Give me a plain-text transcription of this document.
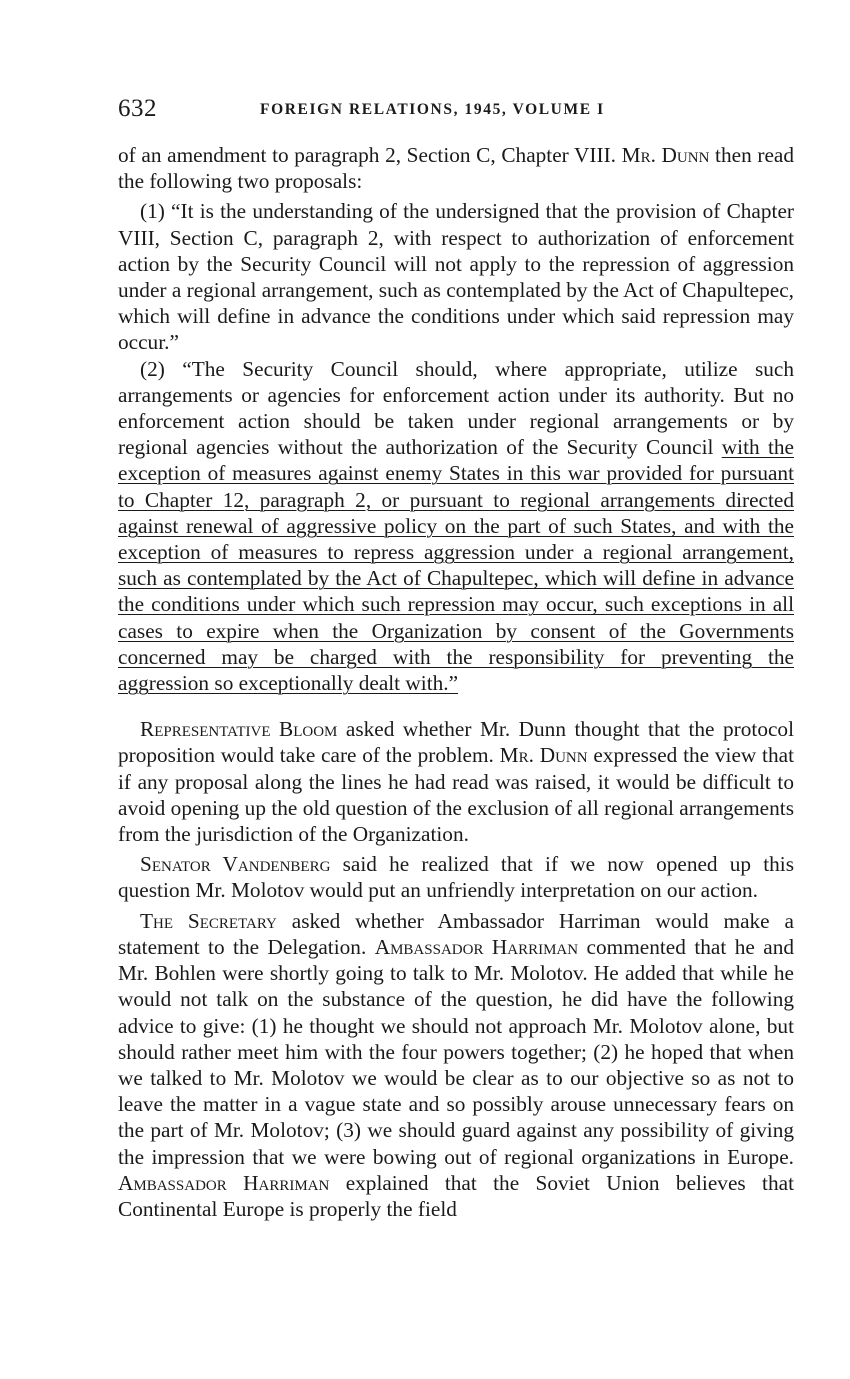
632	FOREIGN RELATIONS, 1945, VOLUME I

of an amendment to paragraph 2, Section C, Chapter VIII. Mr. Dunn then read the following two proposals:

(1) “It is the understanding of the undersigned that the provision of Chapter VIII, Section C, paragraph 2, with respect to authorization of enforcement action by the Security Council will not apply to the repression of aggression under a regional arrangement, such as contemplated by the Act of Chapultepec, which will define in advance the conditions under which said repression may occur.”

(2) “The Security Council should, where appropriate, utilize such arrangements or agencies for enforcement action under its authority. But no enforcement action should be taken under regional arrangements or by regional agencies without the authorization of the Security Council with the exception of measures against enemy States in this war provided for pursuant to Chapter 12, paragraph 2, or pursuant to regional arrangements directed against renewal of aggressive policy on the part of such States, and with the exception of measures to repress aggression under a regional arrangement, such as contemplated by the Act of Chapultepec, which will define in advance the conditions under which such repression may occur, such exceptions in all cases to expire when the Organization by consent of the Governments concerned may be charged with the responsibility for preventing the aggression so exceptionally dealt with.”

Representative Bloom asked whether Mr. Dunn thought that the protocol proposition would take care of the problem. Mr. Dunn expressed the view that if any proposal along the lines he had read was raised, it would be difficult to avoid opening up the old question of the exclusion of all regional arrangements from the jurisdiction of the Organization.

Senator Vandenberg said he realized that if we now opened up this question Mr. Molotov would put an unfriendly interpretation on our action.

The Secretary asked whether Ambassador Harriman would make a statement to the Delegation. Ambassador Harriman commented that he and Mr. Bohlen were shortly going to talk to Mr. Molotov. He added that while he would not talk on the substance of the question, he did have the following advice to give: (1) he thought we should not approach Mr. Molotov alone, but should rather meet him with the four powers together; (2) he hoped that when we talked to Mr. Molotov we would be clear as to our objective so as not to leave the matter in a vague state and so possibly arouse unnecessary fears on the part of Mr. Molotov; (3) we should guard against any possibility of giving the impression that we were bowing out of regional organizations in Europe. Ambassador Harriman explained that the Soviet Union believes that Continental Europe is properly the field
